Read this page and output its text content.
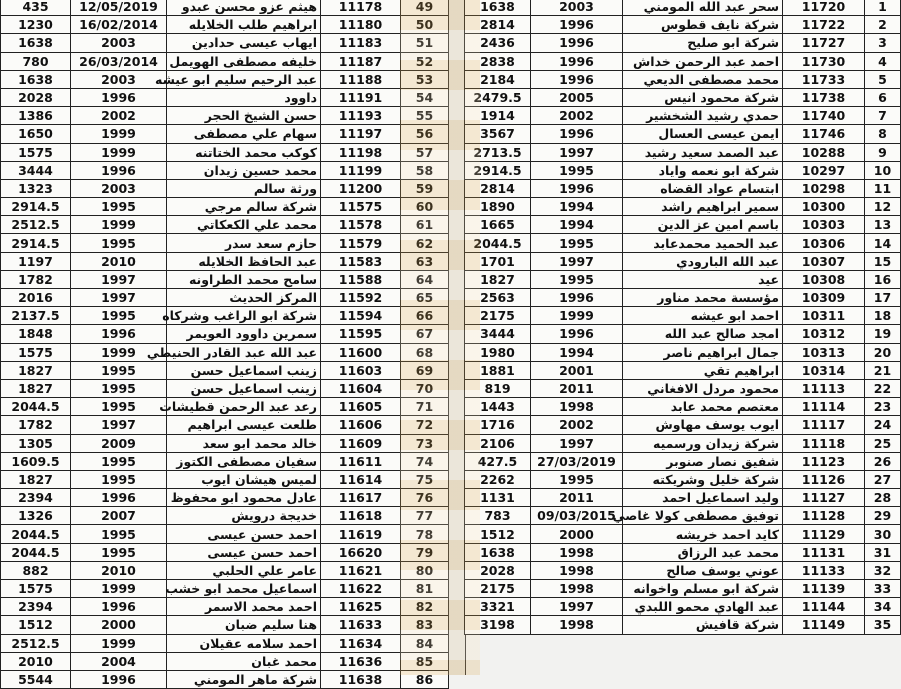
435	12/05/2019	هيثم عزو محسن عبدو	11178	49
1230	16/02/2014	ابراهيم طلب الخلايله	11180	50
1638	2003	ايهاب عيسى حدادين	11183	51
780	26/03/2014	خليفه مصطفى الهويمل	11187	52
1638	2003	عبد الرحيم سليم ابو عيشه	11188	53
2028	1996	داوود	11191	54
1386	2002	حسن الشيخ الحجر	11193	55
1650	1999	سهام علي مصطفى	11197	56
1575	1999	كوكب محمد الختاتنه	11198	57
3444	1996	محمد حسين زيدان	11199	58
1323	2003	ورثة سالم	11200	59
2914.5	1995	شركة سالم مرجي	11575	60
2512.5	1999	محمد علي الكعكاتي	11578	61
2914.5	1995	حازم سعد سدر	11579	62
1197	2010	عبد الحافظ الخلايله	11583	63
1782	1997	سامح محمد الطراونه	11588	64
2016	1997	المركز الحديث	11592	65
2137.5	1995	شركة ابو الراغب وشركاه	11594	66
1848	1996	سمرين داوود العويمر	11595	67
1575	1999	عبد الله عبد القادر الحنيطي	11600	68
1827	1995	زينب اسماعيل حسن	11603	69
1827	1995	زينب اسماعيل حسن	11604	70
2044.5	1995	رعد عبد الرحمن قطيشات	11605	71
1782	1997	طلعت عيسى ابراهيم	11606	72
1305	2009	خالد محمد ابو سعد	11609	73
1609.5	1995	سفيان مصطفى الكتوز	11611	74
1827	1995	لميس هيشان ايوب	11614	75
2394	1996	عادل محمود ابو محفوظ	11617	76
1326	2007	خديجة درويش	11618	77
2044.5	1995	احمد حسن عيسى	11619	78
2044.5	1995	احمد حسن عيسى	16620	79
882	2010	عامر علي الحلبي	11621	80
1575	1999	اسماعيل محمد ابو خشب	11622	81
2394	1996	احمد محمد الاسمر	11625	82
1512	2000	هنا سليم ضبان	11633	83
2512.5	1999	احمد سلامه عقيلان	11634	84
2010	2004	محمد غبان	11636	85
5544	1996	شركة ماهر المومني	11638	86
1638	2003	سحر عبد الله المومني	11720	1
2814	1996	شركة نايف قطوس	11722	2
2436	1996	شركة ابو صليح	11727	3
2838	1996	احمد عبد الرحمن خداش	11730	4
2184	1996	محمد مصطفى الديعي	11733	5
2479.5	2005	شركة محمود انيس	11738	6
1914	2002	حمدي رشيد الشخشير	11740	7
3567	1996	ايمن عيسى العسال	11746	8
2713.5	1997	عبد الصمد سعيد رشيد	10288	9
2914.5	1995	شركة ابو نعمه واياد	10297	10
2814	1996	ابتسام عواد القضاه	10298	11
1890	1994	سمير ابراهيم راشد	10300	12
1665	1994	باسم امين عز الدين	10303	13
2044.5	1995	عبد الحميد محمدعابد	10306	14
1701	1997	عبد الله البارودي	10307	15
1827	1995	عيد	10308	16
2563	1996	مؤسسة محمد مناور	10309	17
2175	1999	احمد ابو عيشه	10311	18
3444	1996	امجد صالح عبد الله	10312	19
1980	1994	جمال ابراهيم ناصر	10313	20
1881	2001	ابراهيم تقي	10314	21
819	2011	محمود مردل الافغاني	11113	22
1443	1998	معتصم محمد عابد	11114	23
1716	2002	ايوب يوسف مهاوش	11117	24
2106	1997	شركة زيدان ورسميه	11118	25
427.5	27/03/2019	شفيق نصار صنوبر	11123	26
2262	1995	شركة خليل وشريكته	11126	27
1131	2011	وليد اسماعيل احمد	11127	28
783	09/03/2015	توفيق مصطفى كولا غاصي	11128	29
1512	2000	كايد احمد خريشه	11129	30
1638	1998	محمد عبد الرزاق	11131	31
2028	1998	عوني يوسف صالح	11133	32
2175	1998	شركة ابو مسلم واخوانه	11139	33
3321	1997	عبد الهادي محمو اللبدي	11144	34
3198	1998	شركة قافيش	11149	35
